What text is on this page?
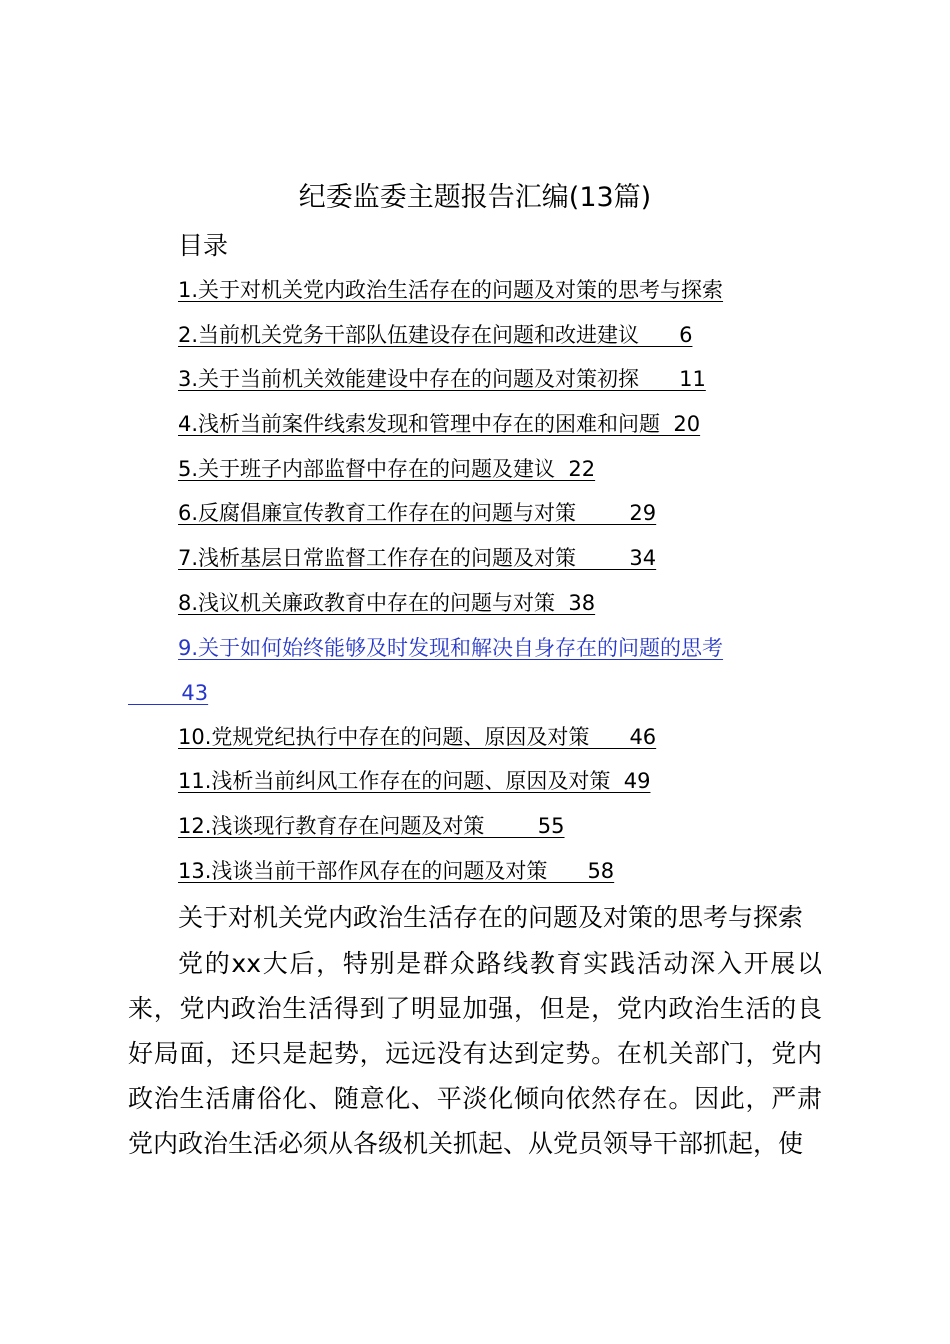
纪委监委主题报告汇编(13篇)
目录
1.关于对机关党内政治生活存在的问题及对策的思考与探索
2.当前机关党务干部队伍建设存在问题和改进建议      6
3.关于当前机关效能建设中存在的问题及对策初探      11
4.浅析当前案件线索发现和管理中存在的困难和问题  20
5.关于班子内部监督中存在的问题及建议  22
6.反腐倡廉宣传教育工作存在的问题与对策        29
7.浅析基层日常监督工作存在的问题及对策        34
8.浅议机关廉政教育中存在的问题与对策  38
9.关于如何始终能够及时发现和解决自身存在的问题的思考
43
10.党规党纪执行中存在的问题、原因及对策      46
11.浅析当前纠风工作存在的问题、原因及对策  49
12.浅谈现行教育存在问题及对策        55
13.浅谈当前干部作风存在的问题及对策      58
关于对机关党内政治生活存在的问题及对策的思考与探索
党的xx大后，特别是群众路线教育实践活动深入开展以来，党内政治生活得到了明显加强，但是，党内政治生活的良好局面，还只是起势，远远没有达到定势。在机关部门，党内政治生活庸俗化、随意化、平淡化倾向依然存在。因此，严肃党内政治生活必须从各级机关抓起、从党员领导干部抓起，使
